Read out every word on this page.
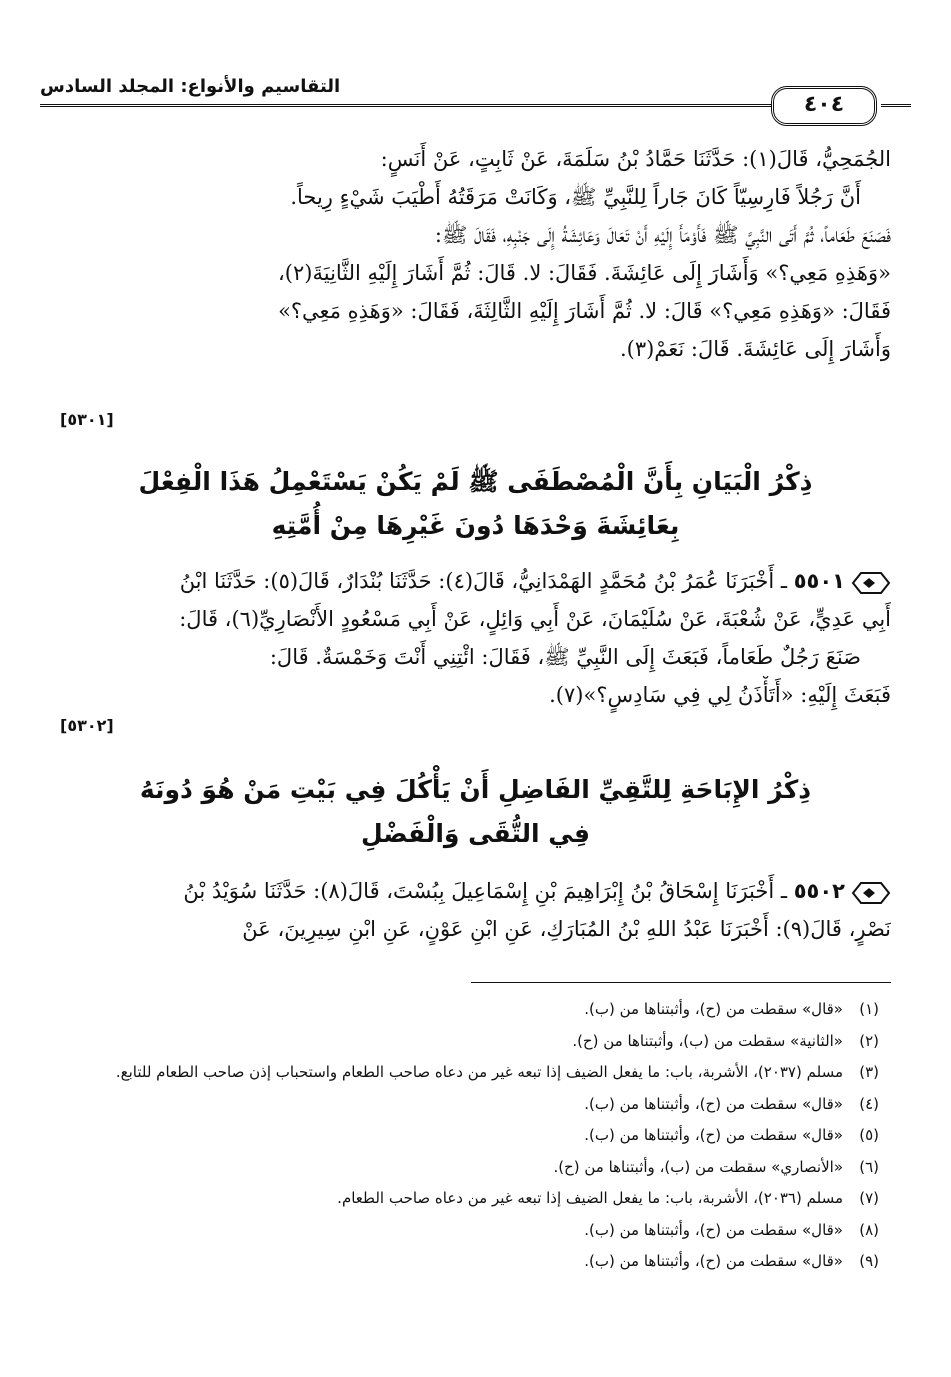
التقاسيم والأنواع: المجلد السادس
٤٠٤
الجُمَحِيُّ، قَالَ(١): حَدَّثَنَا حَمَّادُ بْنُ سَلَمَةَ، عَنْ ثَابِتٍ، عَنْ أَنَسٍ:
أَنَّ رَجُلاً فَارِسِيّاً كَانَ جَاراً لِلنَّبِيِّ ﷺ، وَكَانَتْ مَرَقَتُهُ أَطْيَبَ شَيْءٍ رِيحاً.
فَصَنَعَ طَعَاماً، ثُمَّ أَتَى النَّبِيَّ ﷺ فَأَوْمَأَ إِلَيْهِ أَنْ تَعَالَ وَعَائِشَةُ إِلَى جَنْبِهِ، فَقَالَ ﷺ:
«وَهَذِهِ مَعِي؟» وَأَشَارَ إِلَى عَائِشَةَ. فَقَالَ: لا. قَالَ: ثُمَّ أَشَارَ إِلَيْهِ الثَّانِيَةَ(٢)،
فَقَالَ: «وَهَذِهِ مَعِي؟» قَالَ: لا. ثُمَّ أَشَارَ إِلَيْهِ الثَّالِثَةَ، فَقَالَ: «وَهَذِهِ مَعِي؟»
وَأَشَارَ إِلَى عَائِشَةَ. قَالَ: نَعَمْ(٣).
[٥٣٠١]
ذِكْرُ الْبَيَانِ بِأَنَّ الْمُصْطَفَى ﷺ لَمْ يَكُنْ يَسْتَعْمِلُ هَذَا الْفِعْلَ
بِعَائِشَةَ وَحْدَهَا دُونَ غَيْرِهَا مِنْ أُمَّتِهِ
٥٥٠١ ـ أَخْبَرَنَا عُمَرُ بْنُ مُحَمَّدٍ الهَمْدَانِيُّ، قَالَ(٤): حَدَّثَنَا بُنْدَارٌ، قَالَ(٥): حَدَّثَنَا ابْنُ
أَبِي عَدِيٍّ، عَنْ شُعْبَةَ، عَنْ سُلَيْمَانَ، عَنْ أَبِي وَائِلٍ، عَنْ أَبِي مَسْعُودٍ الأَنْصَارِيِّ(٦)، قَالَ:
صَنَعَ رَجُلٌ طَعَاماً، فَبَعَثَ إِلَى النَّبِيِّ ﷺ، فَقَالَ: ائْتِنِي أَنْتَ وَخَمْسَةٌ. قَالَ:
فَبَعَثَ إِلَيْهِ: «أَتَأْذَنُ لِي فِي سَادِسٍ؟»(٧).
[٥٣٠٢]
ذِكْرُ الإِبَاحَةِ لِلتَّقِيِّ الفَاضِلِ أَنْ يَأْكُلَ فِي بَيْتِ مَنْ هُوَ دُونَهُ
فِي التُّقَى وَالْفَضْلِ
٥٥٠٢ ـ أَخْبَرَنَا إِسْحَاقُ بْنُ إِبْرَاهِيمَ بْنِ إِسْمَاعِيلَ بِبُسْتَ، قَالَ(٨): حَدَّثَنَا سُوَيْدُ بْنُ
نَصْرٍ، قَالَ(٩): أَخْبَرَنَا عَبْدُ اللهِ بْنُ المُبَارَكِ، عَنِ ابْنِ عَوْنٍ، عَنِ ابْنِ سِيرِينَ، عَنْ
(١)
«قال» سقطت من (ح)، وأثبتناها من (ب).
(٢)
«الثانية» سقطت من (ب)، وأثبتناها من (ح).
(٣)
مسلم (٢٠٣٧)، الأشربة، باب: ما يفعل الضيف إذا تبعه غير من دعاه صاحب الطعام واستحباب إذن صاحب الطعام للتابع.
(٤)
«قال» سقطت من (ح)، وأثبتناها من (ب).
(٥)
«قال» سقطت من (ح)، وأثبتناها من (ب).
(٦)
«الأنصاري» سقطت من (ب)، وأثبتناها من (ح).
(٧)
مسلم (٢٠٣٦)، الأشربة، باب: ما يفعل الضيف إذا تبعه غير من دعاه صاحب الطعام.
(٨)
«قال» سقطت من (ح)، وأثبتناها من (ب).
(٩)
«قال» سقطت من (ح)، وأثبتناها من (ب).
